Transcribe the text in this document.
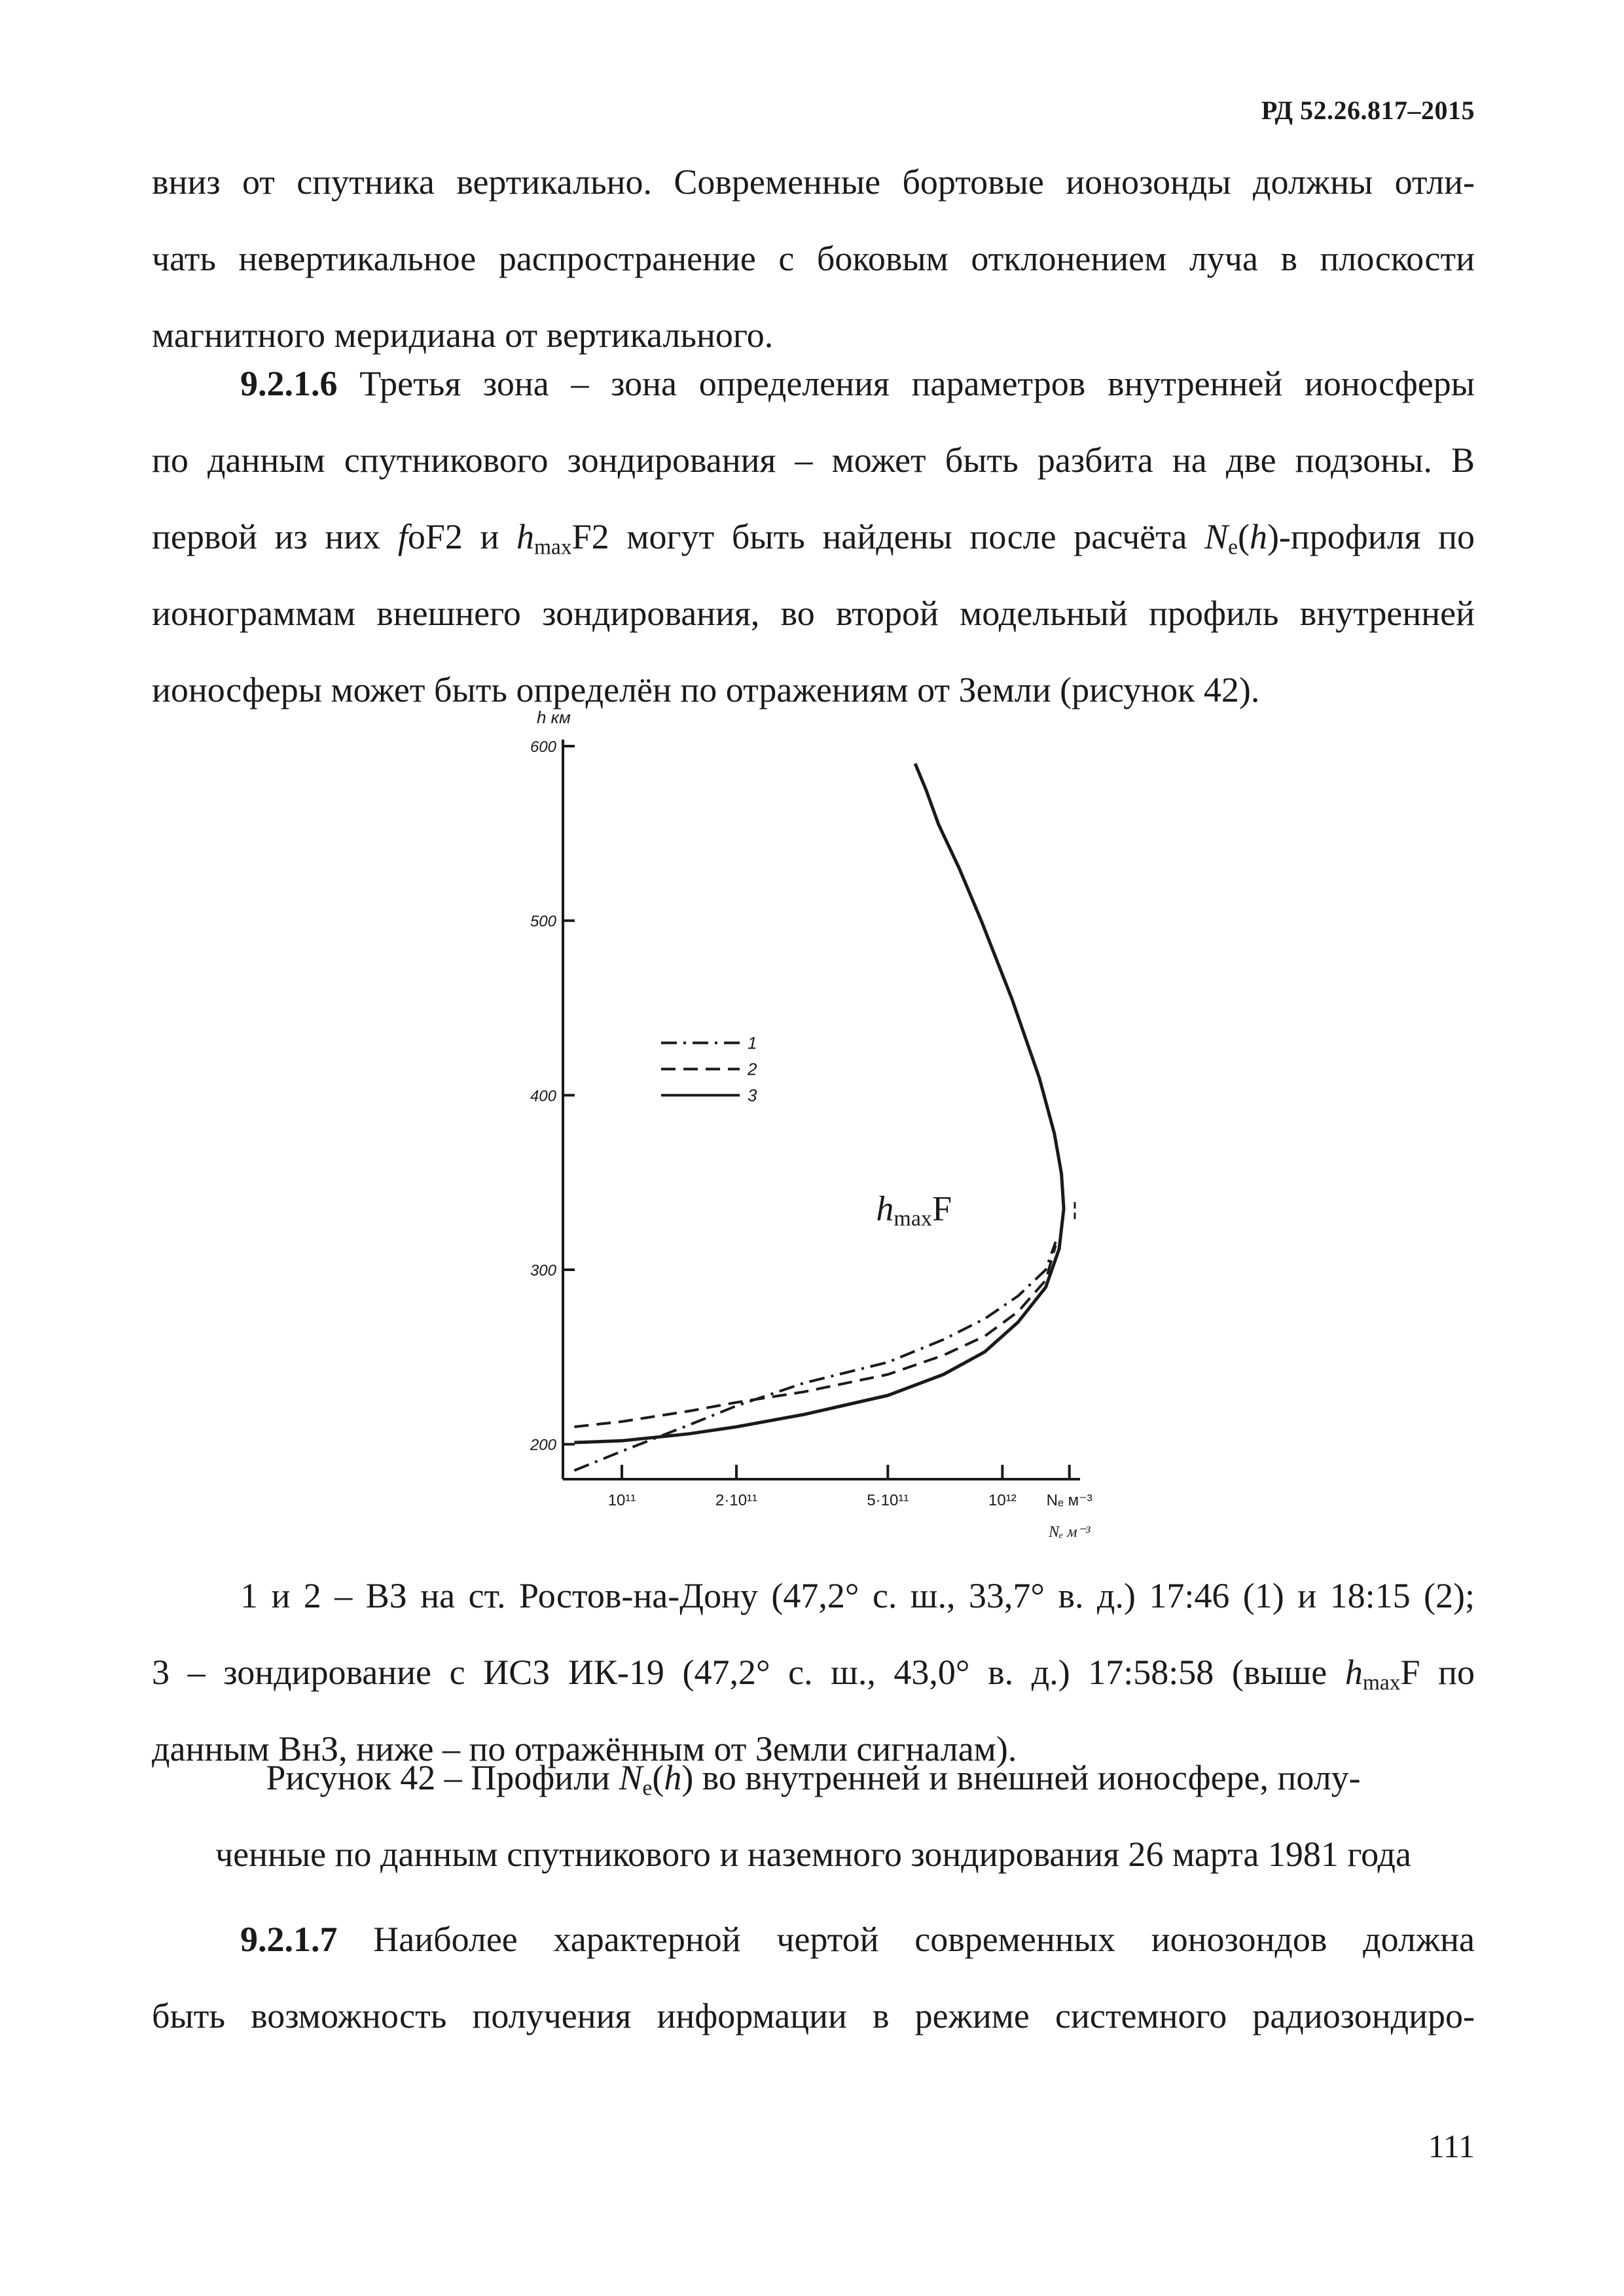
РД 52.26.817–2015
вниз от спутника вертикально. Современные бортовые ионозонды должны отли-
чать невертикальное распространение с боковым отклонением луча в плоскости
магнитного меридиана от вертикального.
9.2.1.6 Третья зона – зона определения параметров внутренней ионосферы
по данным спутникового зондирования – может быть разбита на две подзоны. В
первой из них foF2 и $h_{max}F2$ могут быть найдены после расчёта $N_e(h)$-профиля по
ионограммам внешнего зондирования, во второй модельный профиль внутренней
ионосферы может быть определён по отражениям от Земли (рисунок 42).
h км
200
300
400
500
600
10¹¹	2·10¹¹	5·10¹¹	10¹² Nₑ м⁻³
Nₑ м⁻³
1
2
3
hmaxF
1 и 2 – ВЗ на ст. Ростов-на-Дону (47,2° с. ш., 33,7° в. д.) 17:46 (1) и 18:15 (2);
3 – зондирование с ИСЗ ИК-19 (47,2° с. ш., 43,0° в. д.) 17:58:58 (выше $h_{max}F$ по
данным ВнЗ, ниже – по отражённым от Земли сигналам).
Рисунок 42 – Профили $N_e(h)$ во внутренней и внешней ионосфере, полу-
ченные по данным спутникового и наземного зондирования 26 марта 1981 года
9.2.1.7 Наиболее характерной чертой современных ионозондов должна
быть возможность получения информации в режиме системного радиозондиро-
111
